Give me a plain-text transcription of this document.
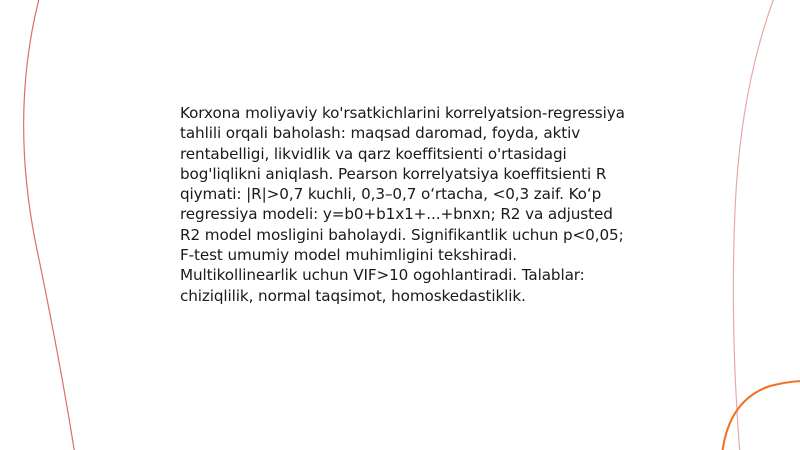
Korxona moliyaviy ko'rsatkichlarini korrelyatsion-regressiya tahlili orqali baholash: maqsad daromad, foyda, aktiv rentabelligi, likvidlik va qarz koeffitsienti o'rtasidagi bog'liqlikni aniqlash. Pearson korrelyatsiya koeffitsienti R qiymati: |R|>0,7 kuchli, 0,3–0,7 oʻrtacha, <0,3 zaif. Koʻp regressiya modeli: y=b0+b1x1+...+bnxn; R2 va adjusted R2 model mosligini baholaydi. Signifikantlik uchun p<0,05; F-test umumiy model muhimligini tekshiradi. Multikollinearlik uchun VIF>10 ogohlantiradi. Talablar: chiziqlilik, normal taqsimot, homoskedastiklik.
